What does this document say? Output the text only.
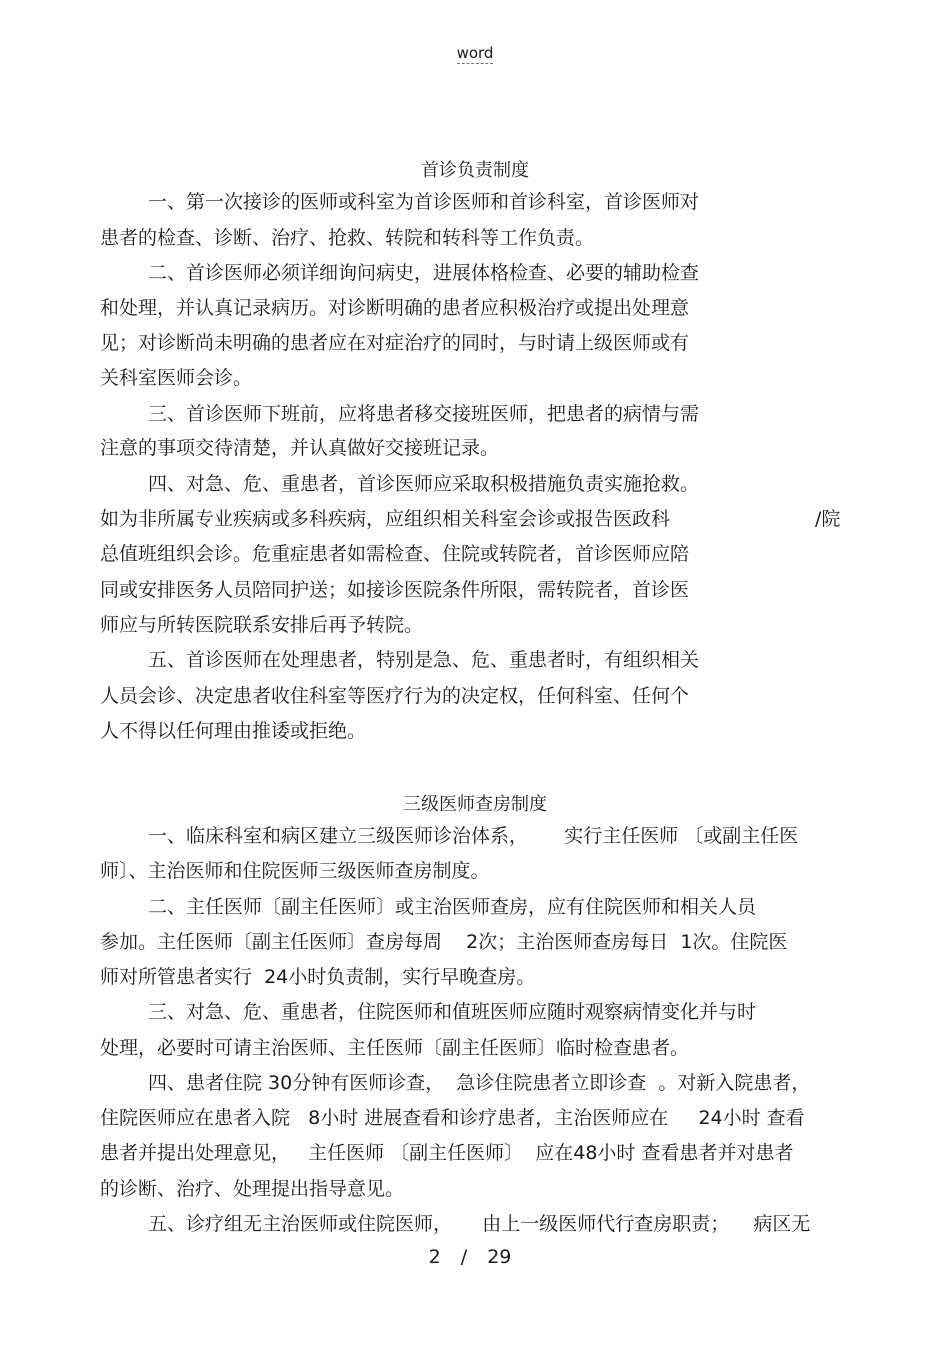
word
首诊负责制度
一、第一次接诊的医师或科室为首诊医师和首诊科室，首诊医师对
患者的检查、诊断、治疗、抢救、转院和转科等工作负责。
二、首诊医师必须详细询问病史，进展体格检查、必要的辅助检查
和处理，并认真记录病历。对诊断明确的患者应积极治疗或提出处理意
见；对诊断尚未明确的患者应在对症治疗的同时，与时请上级医师或有
关科室医师会诊。
三、首诊医师下班前，应将患者移交接班医师，把患者的病情与需
注意的事项交待清楚，并认真做好交接班记录。
四、对急、危、重患者，首诊医师应采取积极措施负责实施抢救。
如为非所属专业疾病或多科疾病，应组织相关科室会诊或报告医政科	/院
总值班组织会诊。危重症患者如需检查、住院或转院者，首诊医师应陪
同或安排医务人员陪同护送；如接诊医院条件所限，需转院者，首诊医
师应与所转医院联系安排后再予转院。
五、首诊医师在处理患者，特别是急、危、重患者时，有组织相关
人员会诊、决定患者收住科室等医疗行为的决定权，任何科室、任何个
人不得以任何理由推诿或拒绝。
三级医师查房制度
一、临床科室和病区建立三级医师诊治体系，      实行主任医师 〔或副主任医
师〕、主治医师和住院医师三级医师查房制度。
二、主任医师〔副主任医师〕或主治医师查房，应有住院医师和相关人员
参加。主任医师〔副主任医师〕查房每周    2次；主治医师查房每日  1次。住院医
师对所管患者实行  24小时负责制，实行早晚查房。
三、对急、危、重患者，住院医师和值班医师应随时观察病情变化并与时
处理，必要时可请主治医师、主任医师〔副主任医师〕临时检查患者。
四、患者住院 30分钟有医师诊查，  急诊住院患者立即诊查  。对新入院患者，
住院医师应在患者入院   8小时 进展查看和诊疗患者，主治医师应在     24小时 查看
患者并提出处理意见，   主任医师 〔副主任医师〕  应在48小时 查看患者并对患者
的诊断、治疗、处理提出指导意见。
五、诊疗组无主治医师或住院医师，     由上一级医师代行查房职责；    病区无
2 / 29
